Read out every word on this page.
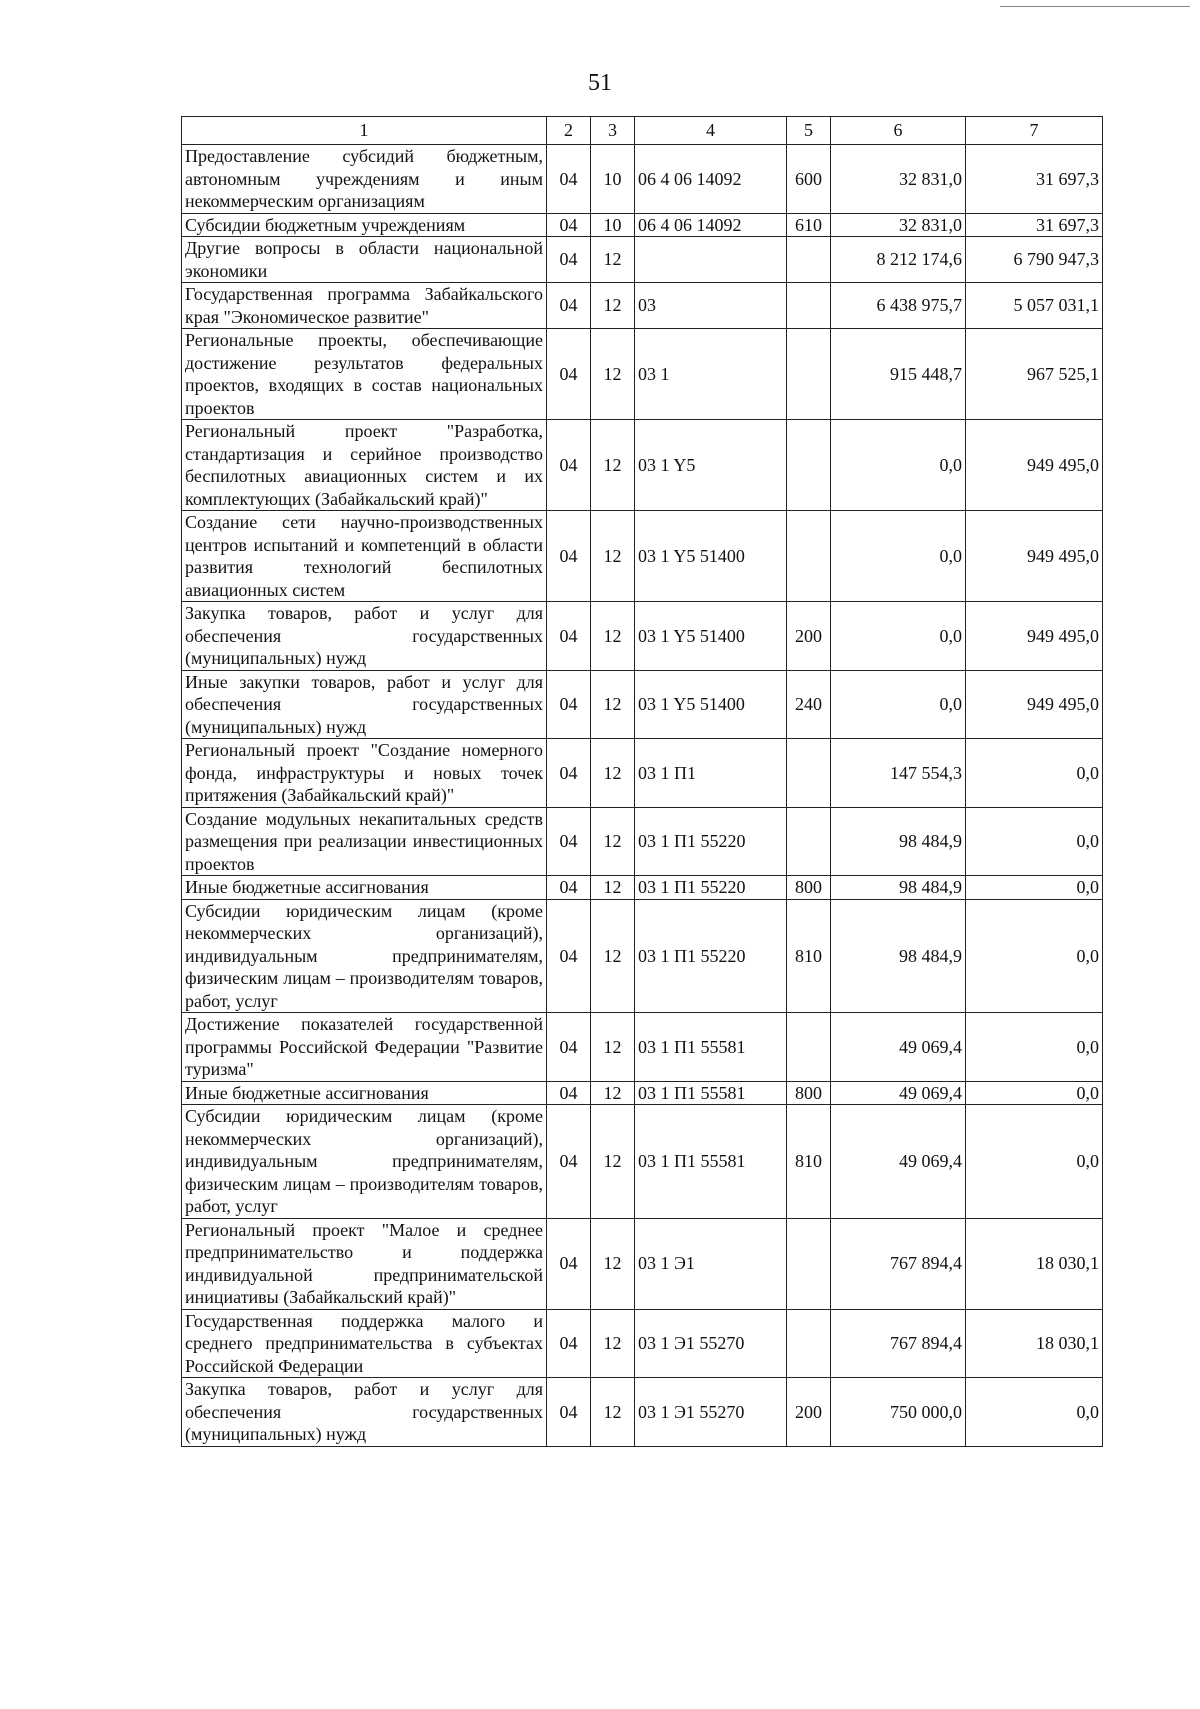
51
1	2	3	4	5	6	7
Предоставление субсидий бюджетным, автономным учреждениям и иным некоммерческим организациям	04	10	06 4 06 14092	600	32 831,0	31 697,3
Субсидии бюджетным учреждениям	04	10	06 4 06 14092	610	32 831,0	31 697,3
Другие вопросы в области национальной экономики	04	12			8 212 174,6	6 790 947,3
Государственная программа Забайкальского края "Экономическое развитие"	04	12	03		6 438 975,7	5 057 031,1
Региональные проекты, обеспечивающие достижение результатов федеральных проектов, входящих в состав национальных проектов	04	12	03 1		915 448,7	967 525,1
Региональный проект "Разработка, стандартизация и серийное производство беспилотных авиационных систем и их комплектующих (Забайкальский край)"	04	12	03 1 Y5		0,0	949 495,0
Создание сети научно-производственных центров испытаний и компетенций в области развития технологий беспилотных авиационных систем	04	12	03 1 Y5 51400		0,0	949 495,0
Закупка товаров, работ и услуг для обеспечения государственных (муниципальных) нужд	04	12	03 1 Y5 51400	200	0,0	949 495,0
Иные закупки товаров, работ и услуг для обеспечения государственных (муниципальных) нужд	04	12	03 1 Y5 51400	240	0,0	949 495,0
Региональный проект "Создание номерного фонда, инфраструктуры и новых точек притяжения (Забайкальский край)"	04	12	03 1 П1		147 554,3	0,0
Создание модульных некапитальных средств размещения при реализации инвестиционных проектов	04	12	03 1 П1 55220		98 484,9	0,0
Иные бюджетные ассигнования	04	12	03 1 П1 55220	800	98 484,9	0,0
Субсидии юридическим лицам (кроме некоммерческих организаций), индивидуальным предпринимателям, физическим лицам – производителям товаров, работ, услуг	04	12	03 1 П1 55220	810	98 484,9	0,0
Достижение показателей государственной программы Российской Федерации "Развитие туризма"	04	12	03 1 П1 55581		49 069,4	0,0
Иные бюджетные ассигнования	04	12	03 1 П1 55581	800	49 069,4	0,0
Субсидии юридическим лицам (кроме некоммерческих организаций), индивидуальным предпринимателям, физическим лицам – производителям товаров, работ, услуг	04	12	03 1 П1 55581	810	49 069,4	0,0
Региональный проект "Малое и среднее предпринимательство и поддержка индивидуальной предпринимательской инициативы (Забайкальский край)"	04	12	03 1 Э1		767 894,4	18 030,1
Государственная поддержка малого и среднего предпринимательства в субъектах Российской Федерации	04	12	03 1 Э1 55270		767 894,4	18 030,1
Закупка товаров, работ и услуг для обеспечения государственных (муниципальных) нужд	04	12	03 1 Э1 55270	200	750 000,0	0,0
